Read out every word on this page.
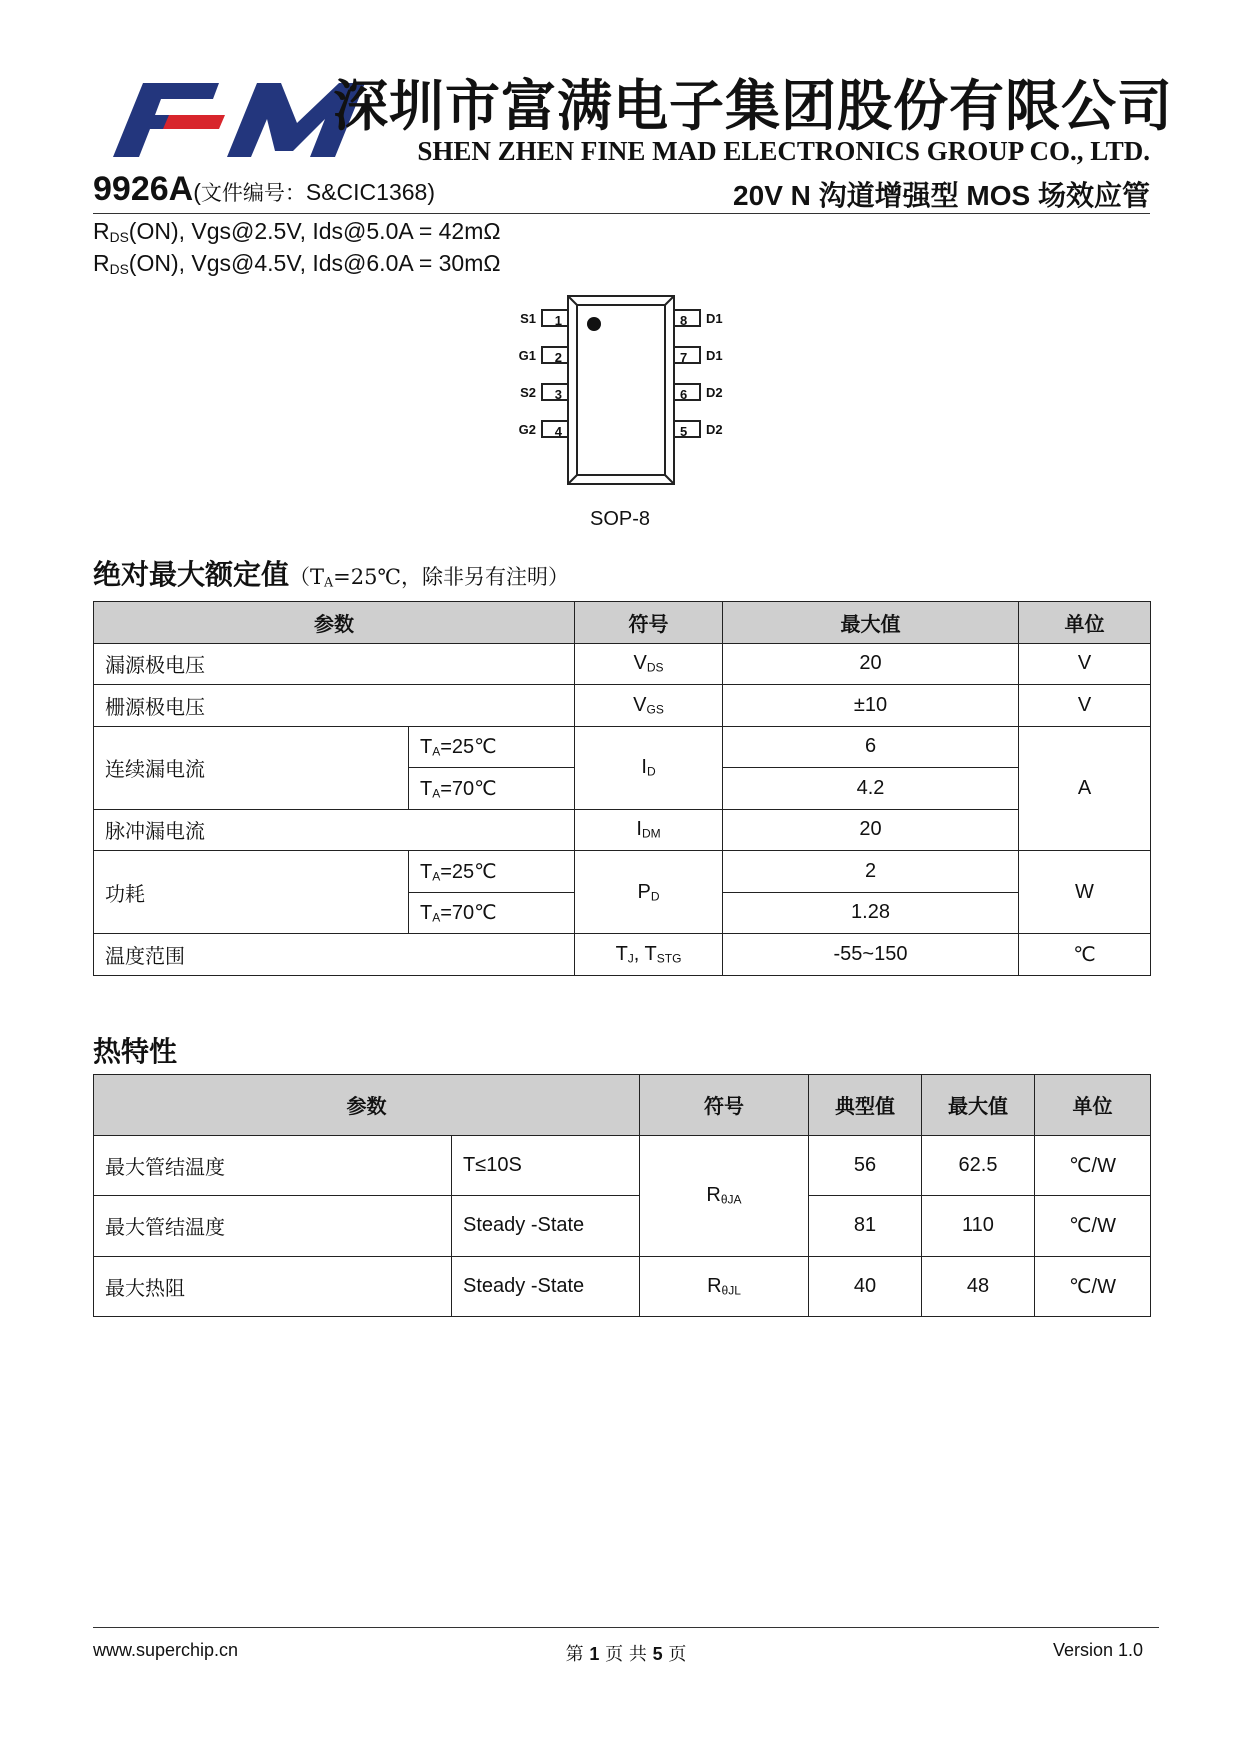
深圳市富满电子集团股份有限公司
SHEN ZHEN FINE MAD ELECTRONICS GROUP CO., LTD.
9926A(文件编号：S&CIC1368)	20V N 沟道增强型 MOS 场效应管
$R_{DS}(ON)$, Vgs@2.5V, Ids@5.0A = 42mΩ
$R_{DS}(ON)$, Vgs@4.5V, Ids@6.0A = 30mΩ
1
S1
2
G1
3
S2
4
G2
8 D1
7 D1
6 D2
5 D2
SOP-8
绝对最大额定值（$T_A=25℃$，除非另有注明）
参数		符号	最大值	单位
漏源极电压		$V_{DS}$	20	V
栅源极电压		$V_{GS}$	±10	V
连续漏电流	$T_A=25℃$	$I_D$	6	A
	$T_A=70℃$		4.2	
脉冲漏电流		$I_{DM}$	20	
功耗	$T_A=25℃$	$P_D$	2	W
	$T_A=70℃$		1.28	
温度范围		$T_J$, $T_{STG}$	-55~150	℃
热特性
参数		符号	典型值	最大值	单位
最大管结温度	T≤10S	$R_{\theta JA}$	56	62.5	℃/W
最大管结温度	Steady -State		81	110	℃/W
最大热阻	Steady -State	$R_{\theta JL}$	40	48	℃/W
www.superchip.cn	第 1 页 共 5 页	Version 1.0
